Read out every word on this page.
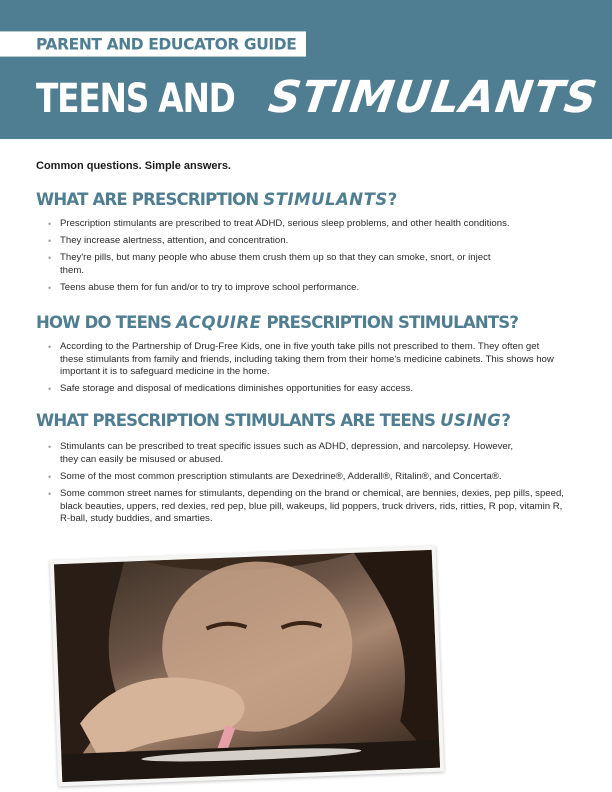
PARENT AND EDUCATOR GUIDE
TEENS AND STIMULANTS
Common questions. Simple answers.
WHAT ARE PRESCRIPTION STIMULANTS?
• Prescription stimulants are prescribed to treat ADHD, serious sleep problems, and other health conditions.
• They increase alertness, attention, and concentration.
• They're pills, but many people who abuse them crush them up so that they can smoke, snort, or inject them.
• Teens abuse them for fun and/or to try to improve school performance.
HOW DO TEENS ACQUIRE PRESCRIPTION STIMULANTS?
• According to the Partnership of Drug-Free Kids, one in five youth take pills not prescribed to them. They often get these stimulants from family and friends, including taking them from their home's medicine cabinets. This shows how important it is to safeguard medicine in the home.
• Safe storage and disposal of medications diminishes opportunities for easy access.
WHAT PRESCRIPTION STIMULANTS ARE TEENS USING?
• Stimulants can be prescribed to treat specific issues such as ADHD, depression, and narcolepsy. However, they can easily be misused or abused.
• Some of the most common prescription stimulants are Dexedrine®, Adderall®, Ritalin®, and Concerta®.
• Some common street names for stimulants, depending on the brand or chemical, are bennies, dexies, pep pills, speed, black beauties, uppers, red dexies, red pep, blue pill, wakeups, lid poppers, truck drivers, rids, ritties, R pop, vitamin R, R-ball, study buddies, and smarties.
